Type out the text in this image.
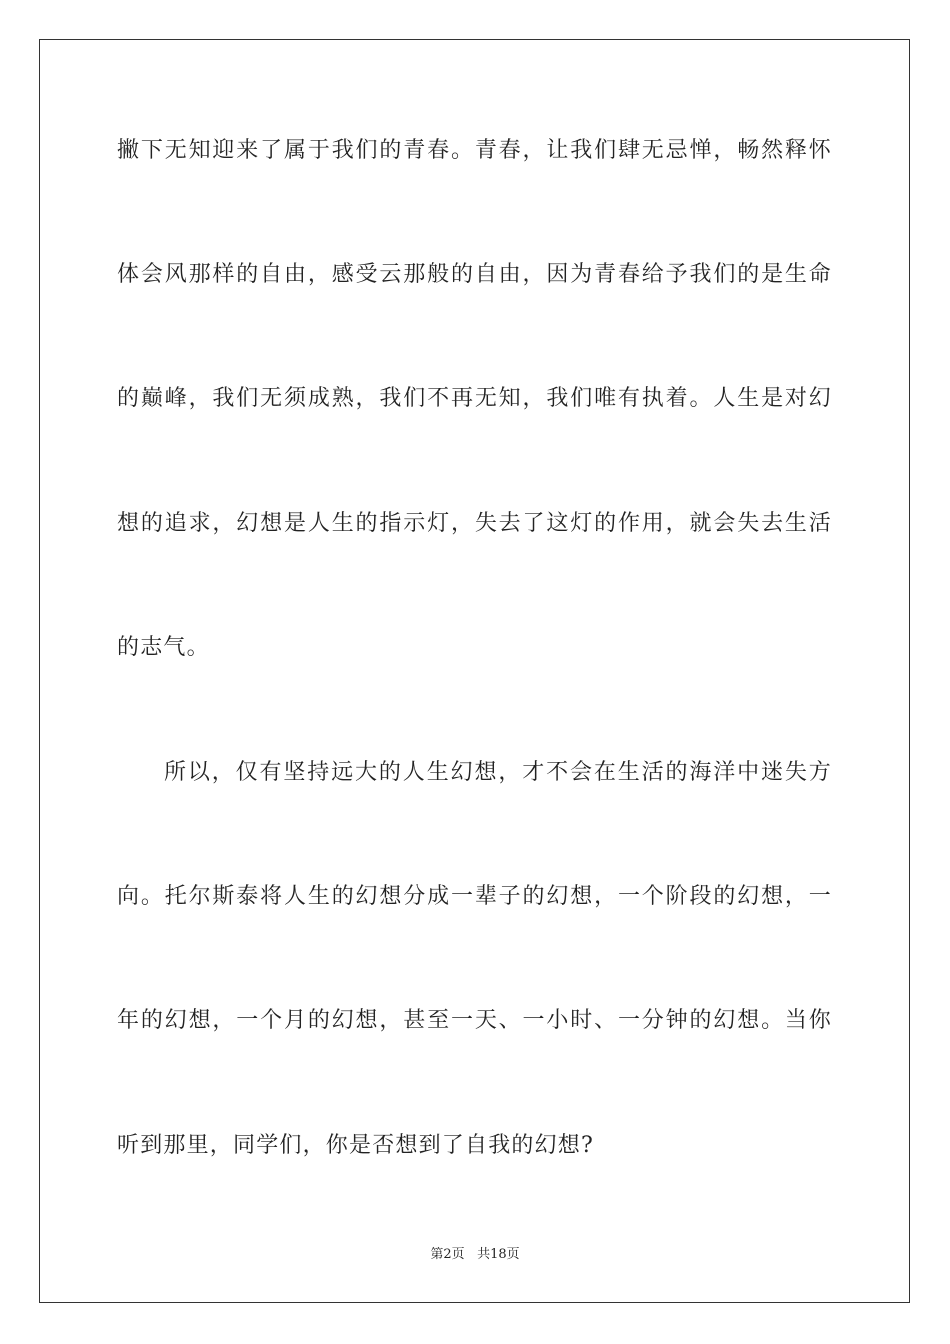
撇下无知迎来了属于我们的青春。青春，让我们肆无忌惮，畅然释怀
体会风那样的自由，感受云那般的自由，因为青春给予我们的是生命
的巅峰，我们无须成熟，我们不再无知，我们唯有执着。人生是对幻
想的追求，幻想是人生的指示灯，失去了这灯的作用，就会失去生活
的志气。
所以，仅有坚持远大的人生幻想，才不会在生活的海洋中迷失方
向。托尔斯泰将人生的幻想分成一辈子的幻想，一个阶段的幻想，一
年的幻想，一个月的幻想，甚至一天、一小时、一分钟的幻想。当你
听到那里，同学们，你是否想到了自我的幻想?
第2页 共18页
